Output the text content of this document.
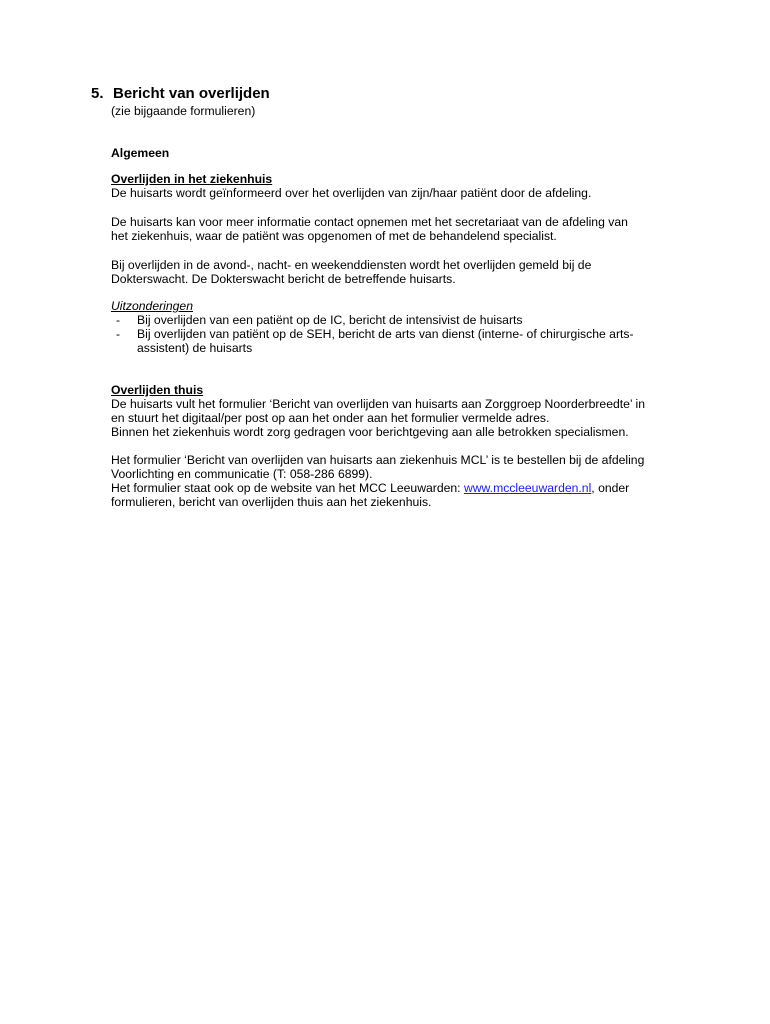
5. Bericht van overlijden
(zie bijgaande formulieren)
Algemeen
Overlijden in het ziekenhuis
De huisarts wordt geïnformeerd over het overlijden van zijn/haar patiënt door de afdeling.
De huisarts kan voor meer informatie contact opnemen met het secretariaat van de afdeling van
het ziekenhuis, waar de patiënt was opgenomen of met de behandelend specialist.
Bij overlijden in de avond-, nacht- en weekenddiensten wordt het overlijden gemeld bij de
Dokterswacht. De Dokterswacht bericht de betreffende huisarts.
Uitzonderingen
- Bij overlijden van een patiënt op de IC, bericht de intensivist de huisarts
- Bij overlijden van patiënt op de SEH, bericht de arts van dienst (interne- of chirurgische arts-
assistent) de huisarts
Overlijden thuis
De huisarts vult het formulier ‘Bericht van overlijden van huisarts aan Zorggroep Noorderbreedte’ in
en stuurt het digitaal/per post op aan het onder aan het formulier vermelde adres.
Binnen het ziekenhuis wordt zorg gedragen voor berichtgeving aan alle betrokken specialismen.
Het formulier ‘Bericht van overlijden van huisarts aan ziekenhuis MCL’ is te bestellen bij de afdeling
Voorlichting en communicatie (T: 058-286 6899).
Het formulier staat ook op de website van het MCC Leeuwarden: www.mccleeuwarden.nl, onder
formulieren, bericht van overlijden thuis aan het ziekenhuis.
